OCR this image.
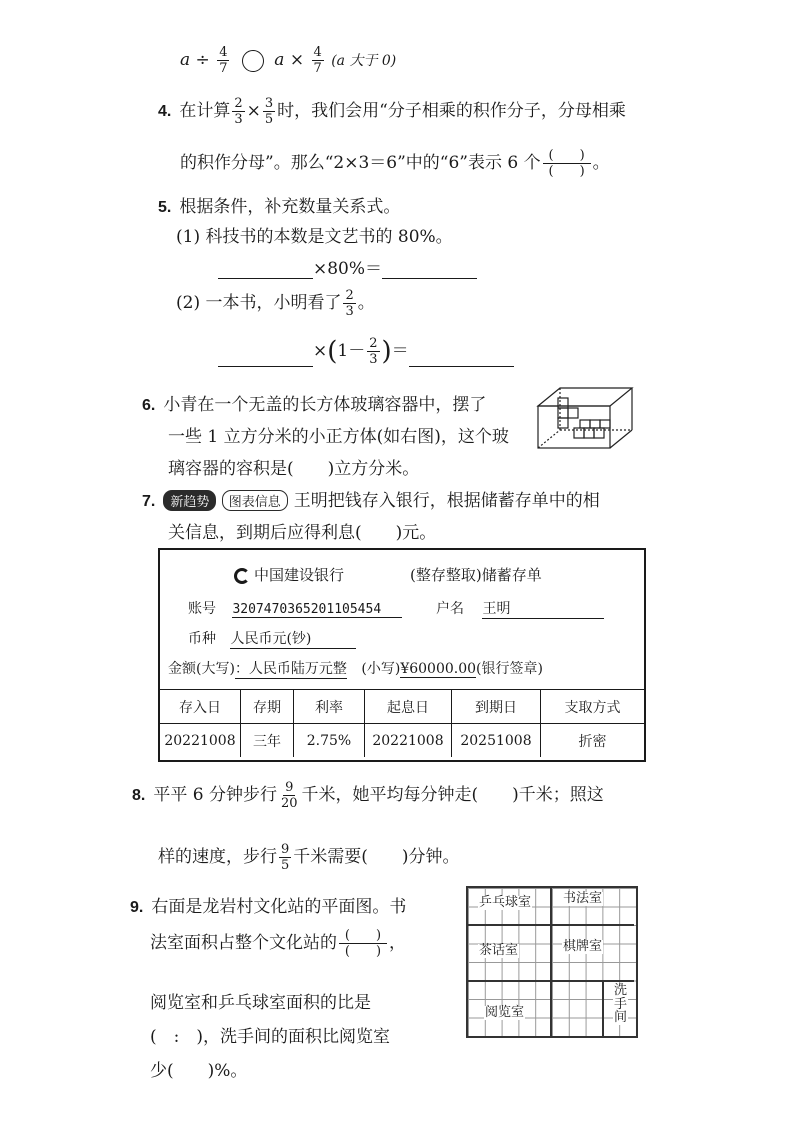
$a \div \frac{4}{7}$	$a \times \frac{4}{7} (a$ 大于 0)
4. 在计算 $\frac{2}{3} \times \frac{3}{5}$ 时，我们会用“分子相乘的积作分子，分母相乘
的积作分母”。那么“2×3＝6”中的“6”表示 6 个 $\frac{( )}{( )}$ 。
5. 根据条件，补充数量关系式。
(1) 科技书的本数是文艺书的 80%。
×80%＝
(2) 一本书，小明看了 $\frac{2}{3}$ 。
$\times(1- \frac{2}{3}$ )＝
6. 小青在一个无盖的长方体玻璃容器中，摆了
一些 1 立方分米的小正方体(如右图)，这个玻
璃容器的容积是(　　)立方分米。
7. 新趋势 图表信息 王明把钱存入银行，根据储蓄存单中的相
关信息，到期后应得利息(　　)元。
中国建设银行	(整存整取)储蓄存单
账号 3207470365201105454	户名 王明
币种 人民币元(钞)
金额(大写)：人民币陆万元整 (小写)¥60000.00(银行签章)
存入日	存期	利率	起息日	到期日	支取方式
20221008	三年	2.75%	20221008	20251008	折密
8. 平平 6 分钟步行 $\frac{9}{20}$ 千米，她平均每分钟走(　　)千米；照这
样的速度，步行 $\frac{9}{5}$ 千米需要(　　)分钟。
9. 右面是龙岩村文化站的平面图。书
法室面积占整个文化站的 $\frac{( )}{( )}$ ，
阅览室和乒乓球室面积的比是
(　:　)，洗手间的面积比阅览室
少(　　)%。
乒乓球室 书法室
茶话室	棋牌室
阅览室
洗手间
